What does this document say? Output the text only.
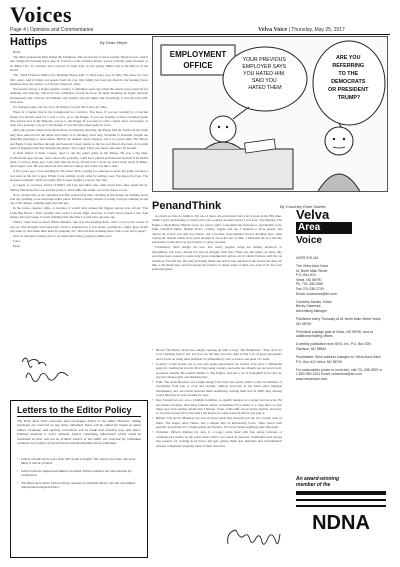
Voices
Page 4 | Opinions and Commentaries	Velva Voice | Thursday, May 25, 2017
Hattips	By Dean Meyer

Hello,

The third weekend in May brings the Preakness. The second leg of horse racings Triple Crown. And it also brings the bucking horse sale. If you live on the northern plains, you've probably been through, or in, Miles City. To ranchers and cowboys of older days, in the spring, Miles City is the Mecca of the North.

The "World Famous Miles City Bucking Horse Sale" is held every year in May. Has been for over fifty years. And it brings out people from all over. Our family has been involved in the bucking horse business since the sixties, so I haven't missed it often.

We weren't always a leader, gentler cowboy. I remember years ago when the streets were roped off for drinking and dancing. The local bar ordinances would be froze all night breaking up fights between shopkeepers and cowboys and Indians and soldiers and girl fights and everything. It was the real wild, wild west.

It's changed some, but not a lot. Or maybe it is just that I am a lot older.

There is a bucker that in the background for cowboys. The three, if you are looking for a rancher friend you haven't seen for a year or two, go to the Range. If you are looking to meet a hunting guide who used to live in the Dakotas, you go to the Range. If you need to cash a check, have a beverage, or drop off a package, you go to the Range. It was the best poker game in town.

After the parade comes down main street on Saturday morning, the Range fills up. Earlier in the week they have removed all the tables and chairs. It is standing room only. Shoulder to shoulder. People are hollering greetings to newcomers. Beards are shaken, beers slopped, and it is a great time. The Dixon and Eagle Corps marches through and General Custer stands on the bar and directs the band. A Scottish band of bagpipes marches through and plays a few songs. There are cheers and beers all around.

A farm friend of mine, Casper, used to run the poker game at the Range. He was a big man. Professional sure shooter. And a man who probably could have played professional football if he hadn't been a cowboy. Years ago, I saw him take his boots off and toss a stack out down main street in Miles. And Casper won. He was about six-five and two-ninety and could toss like a deer.

A few years ago, I was standing by the poker table, waiting for someone to leave the game, because I was next on the list to play. While I was waiting a lady came by selling roses. You know the type. The hopeless romantic. Well, not really. But Casper bought a rose for my wife.

A couple of cowboys, friend of Matt's and Lily and mine who came down here, they asked me in. Shirley Hands me her rose and her purse to hold while she walks out on the dance to rest.

Now, picture this. A two hundred and fifty pound plus man, standing in the Range on bucking horse sale day, holding a rose and huge ladies purse. Picture a steady stream of young cowboys walking in and out of the Range, walking right past this guy.

In the looks, sneezes, sighs, or niceties, it would have ensued the biggest uproar ever. About "The Little Big Horse." Well, actually, that wasn't a movie fight. Anyway, it would have caused a riot. And being older and wiser, I wasn't relishing this idea like I would have decades ago.

Shirley came back in about fifteen minutes. She saw me standing there, with a rose in the corner of my eye. She thought I had been hurt. I had to explain how it was about a petting in a fight, guys would just walk by and shake their head in sympathy for "that old man standing there with a rose and a purse."

And, in retrospect, being old is a lot easier than being young in Miles now!

Later,

Dean

Letters to the Editor Policy
The Velva Area Voice welcomes and encourages letters to the editor. However, editing privileges are reserved on any items submitted. Items will be edited for length as space allows. Grammar and spelling corrections will be made and revisions may take place. Libelous material is never allowed. Letters containing information which could be construed as libel will not be printed. Letters to the editor are reserved for individual comment on a subject of local interest and should follow these guidelines.
• Letters should not be more than 350 words in length. The shorter the letter, the more likely it will be printed.
• Letters must be signed and address included. Phone numbers are also advised for verification.
• The Velva Area Voice will not honor requests to withhold names. We will not publish anonymous/unsigned letters.
EMPLOYMENT
OFFICE
YOUR PREVIOUS EMPLOYER SAYS YOU HATED HIM. SAID YOU HATED THEM
ARE YOU REFERRING TO THE DEMOCRATS OR PRESIDENT TRUMP?
PenandThink	By Courtney Euler Davies

As much as I hate to admit it, I'm one of those old-soul music fans who is stuck in the '80s time-claim. I grew up listening to artists who were popular decades before I was born. The Beatles, The Eagles, Chuck Berry, Marvin Gaye. As I grew older, I expanded my horizons to psychedelic rock, funk, Christian music, British music, country, reggae and rap. I listened to more genres, but almost all of that was still pre-'classic' old. I became close-minded toward anything new, often saying my current artists were great enough or stood the test of time. I lamented the fact that my generation would have no good music to show our kids.

Fortunately, that's simply not true. Yes, many popular songs are simple, mediocre or throughline, but every decade has had its struggle with that. These are still gems out there. My ears have been opened to some truly great contemporary artists, all of whom I believe will live on in history. For this list, I'm only including bands and artists who debuted in the lowest ten dates I'd like to list them here, and encourage my readers to check some of them out, even if it's not your preferred genre.

• Block: The Killers broke the tonight, opening up with a song, "Mr. Brightside." They don't try to be anything they're not, and you can tell they love fun. Add to that a lot of great personality and a focus on using their platform for philanthropy, and you have one heck of a band.

• Country: Caleb stands out as rare and under-appreciated, he doesn't even have a Wikipedia page yet. Getting his start in 2012, the young country-soul artist has already put out seven well-produced albums. He sounds similar to The Eagles, and has a lot of thoughtful lyrics that go beyond chasing girls and drinking beer.

• Folk: The Avett Brothers are a high-energy folk band who aren't afraid to mix in elements of everything from pop to rock and ragtime. Almost everyone in the band plays multiple instruments, and can switch between them seamlessly. Getting their start in 2000, they already sound like they've been around for ages.

• Rap: Donald Glover, a.k.a. Childish Gambino, is equally talented as a rapper and an actor. He has better wordplay than most famous artists; sometimes I'll re-listen to a song three or four times and catch another subtle trick I missed. Some of his stuff can be pretty explicit, however, so if you're turned off by that like I am maybe do some research before you play it.

• British: The Arctic Monkeys are one of those bands that instantly put me in a certain state of mind. The singer, Alex Turner, has a unique mix of influencing lyrics, often varied with periodic long fields. It's a mini-upbeat and mellow, I've never heard anything quite like them.

• Christian: Offset's Rafting my tune is a hoppy indie band with fun, string fashions or contemporary music, in the point where there's not much in between. Indiefolk-Grace moves that passion for crafting good lyrics and gets giving them new melodies and instrumentals without completely stripping them of their character.

Velva
Area
Voice
USPS 019-116
The Velva Area Voice
#1 North Main Street
P.O. Box 610
Velva, ND 58790
Ph. 701-338-2599
Fax 701-338-2709
Email: voicenews@srt.com
Courtney Davies, Editor
Becky Ostensoe,
Advertising Manager
Published every Thursday at #1 North Main Street Velva, ND 58790
Periodical postage paid at Velva, ND 58790, and at additional mailing offices.
A weekly publication from BHG, Inc. P.O. Box 309, Garrison, ND 58540
Postmaster: Send address changes to: Velva Area Voice P.O. Box 610 Velva, ND 58790
For subscription prices or more info, call 701-338-2599 or 1-800-950-1401 Email: voicenews@srt.com www.velvavoice.com
An award-winning
member of the
NDNA
